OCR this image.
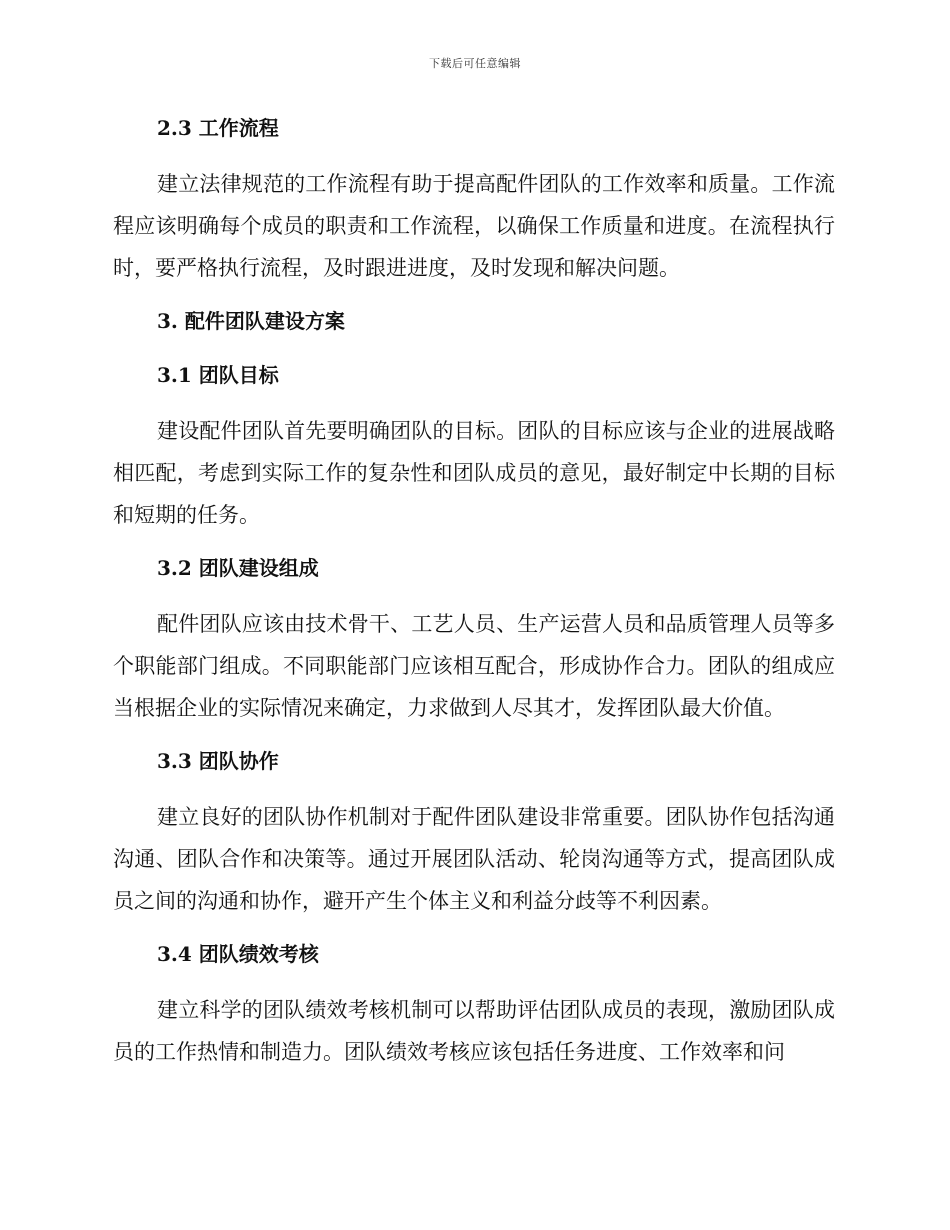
下载后可任意编辑
2.3 工作流程

建立法律规范的工作流程有助于提高配件团队的工作效率和质量。工作流程应该明确每个成员的职责和工作流程，以确保工作质量和进度。在流程执行时，要严格执行流程，及时跟进进度，及时发现和解决问题。

3. 配件团队建设方案
3.1 团队目标

建设配件团队首先要明确团队的目标。团队的目标应该与企业的进展战略相匹配，考虑到实际工作的复杂性和团队成员的意见，最好制定中长期的目标和短期的任务。

3.2 团队建设组成

配件团队应该由技术骨干、工艺人员、生产运营人员和品质管理人员等多个职能部门组成。不同职能部门应该相互配合，形成协作合力。团队的组成应当根据企业的实际情况来确定，力求做到人尽其才，发挥团队最大价值。

3.3 团队协作

建立良好的团队协作机制对于配件团队建设非常重要。团队协作包括沟通沟通、团队合作和决策等。通过开展团队活动、轮岗沟通等方式，提高团队成员之间的沟通和协作，避开产生个体主义和利益分歧等不利因素。

3.4 团队绩效考核

建立科学的团队绩效考核机制可以帮助评估团队成员的表现，激励团队成员的工作热情和制造力。团队绩效考核应该包括任务进度、工作效率和问
